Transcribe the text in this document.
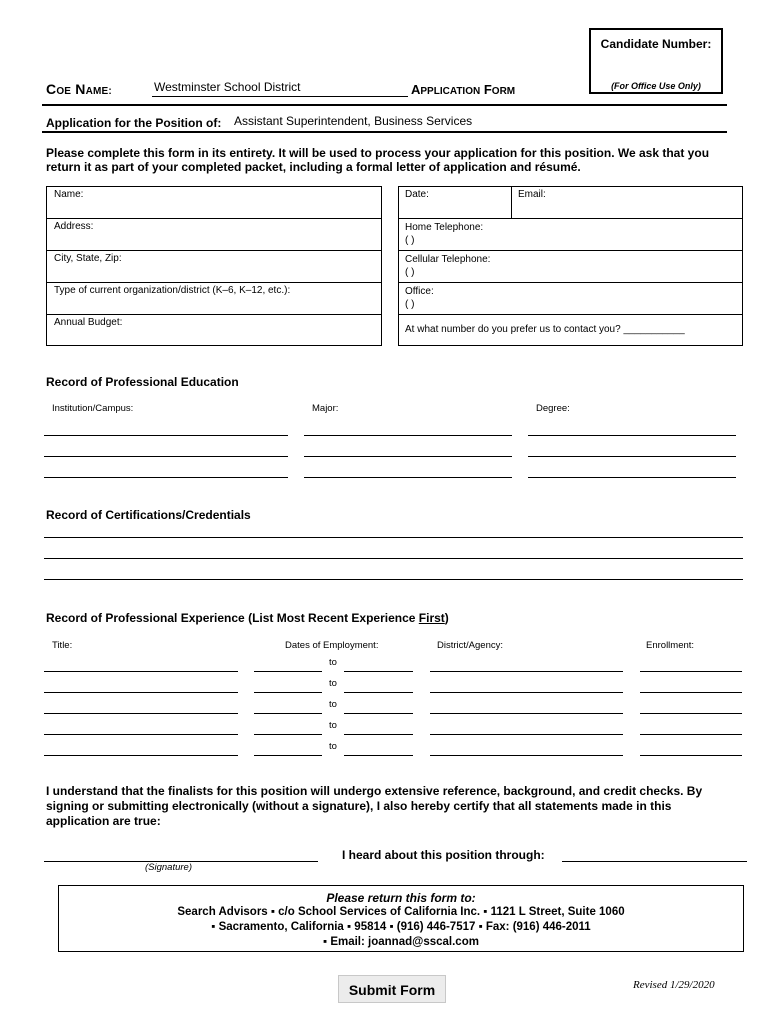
Candidate Number:
(For Office Use Only)
COE NAME:	Westminster School District	APPLICATION FORM
Application for the Position of: Assistant Superintendent, Business Services
Please complete this form in its entirety. It will be used to process your application for this position. We ask that you return it as part of your completed packet, including a formal letter of application and résumé.
Name:
Address:
City, State, Zip:
Type of current organization/district (K–6, K–12, etc.):
Annual Budget:
Date:	Email:
Home Telephone:
( )
Cellular Telephone:
( )
Office:
( )
At what number do you prefer us to contact you? ___________
Record of Professional Education
Institution/Campus:	Major:	Degree:
Record of Certifications/Credentials
Record of Professional Experience (List Most Recent Experience First)
Title:	Dates of Employment:	District/Agency:	Enrollment:
to
to
to
to
to
I understand that the finalists for this position will undergo extensive reference, background, and credit checks. By signing or submitting electronically (without a signature), I also hereby certify that all statements made in this application are true:
(Signature)
I heard about this position through:
Please return this form to:
Search Advisors ▪ c/o School Services of California Inc. ▪ 1121 L Street, Suite 1060
▪ Sacramento, California ▪ 95814 ▪ (916) 446-7517 ▪ Fax: (916) 446-2011
▪ Email: joannad@sscal.com
Submit Form	Revised 1/29/2020
